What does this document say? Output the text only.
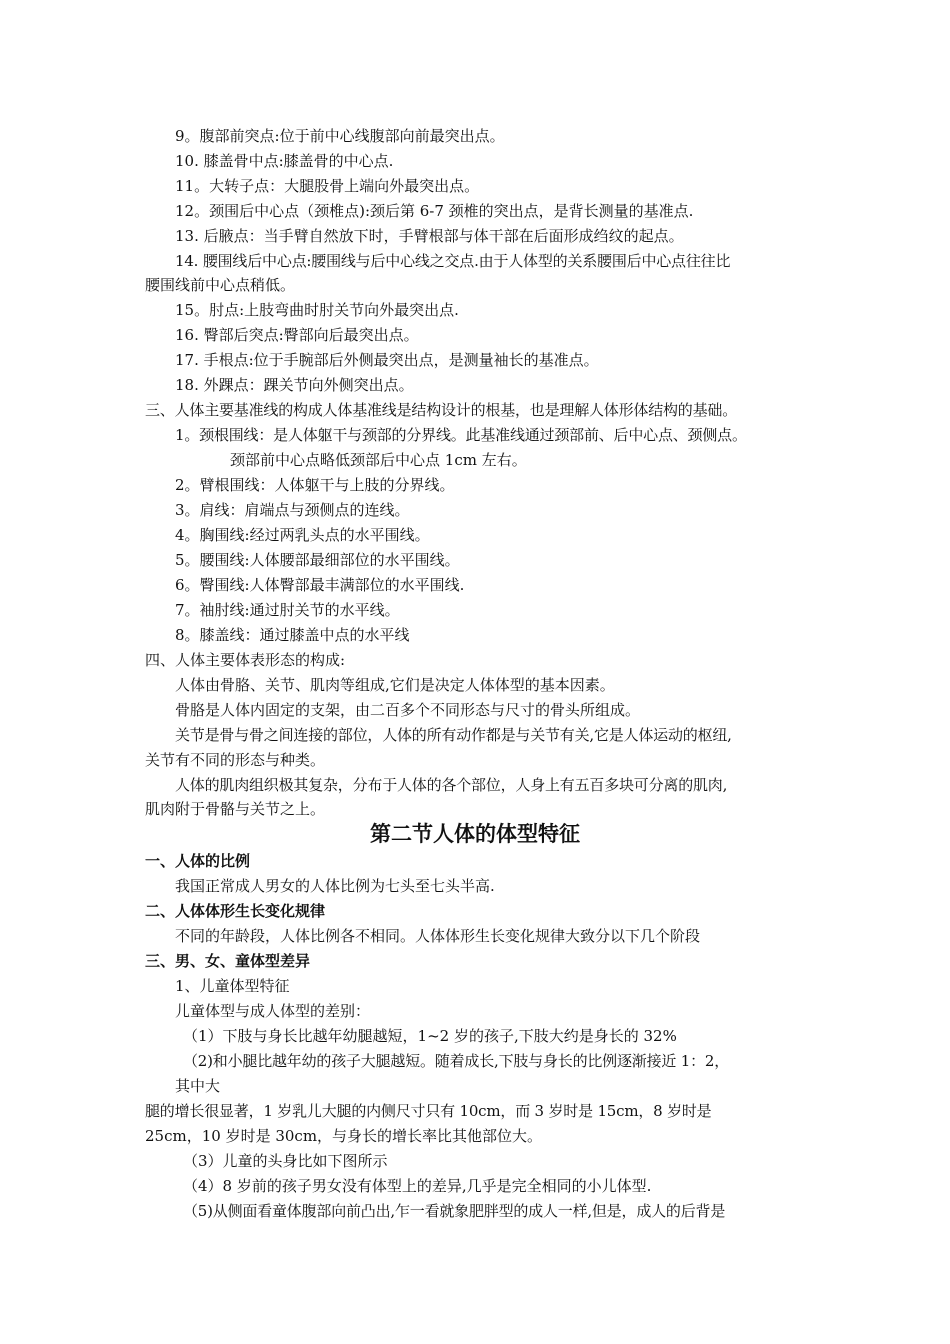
9。腹部前突点:位于前中心线腹部向前最突出点。
10. 膝盖骨中点:膝盖骨的中心点.
11。大转子点：大腿股骨上端向外最突出点。
12。颈围后中心点（颈椎点):颈后第 6-7 颈椎的突出点，是背长测量的基准点.
13. 后腋点：当手臂自然放下时，手臂根部与体干部在后面形成绉纹的起点。
14. 腰围线后中心点:腰围线与后中心线之交点.由于人体型的关系腰围后中心点往往比
腰围线前中心点稍低。
15。肘点:上肢弯曲时肘关节向外最突出点.
16. 臀部后突点:臀部向后最突出点。
17. 手根点:位于手腕部后外侧最突出点，是测量袖长的基准点。
18. 外踝点：踝关节向外侧突出点。
三、人体主要基准线的构成人体基准线是结构设计的根基，也是理解人体形体结构的基础。
1。颈根围线：是人体躯干与颈部的分界线。此基准线通过颈部前、后中心点、颈侧点。
颈部前中心点略低颈部后中心点 1cm 左右。
2。臂根围线：人体躯干与上肢的分界线。
3。肩线：肩端点与颈侧点的连线。
4。胸围线:经过两乳头点的水平围线。
5。腰围线:人体腰部最细部位的水平围线。
6。臀围线:人体臀部最丰满部位的水平围线.
7。袖肘线:通过肘关节的水平线。
8。膝盖线：通过膝盖中点的水平线
四、人体主要体表形态的构成:
人体由骨胳、关节、肌肉等组成,它们是决定人体体型的基本因素。
骨胳是人体内固定的支架，由二百多个不同形态与尺寸的骨头所组成。
关节是骨与骨之间连接的部位，人体的所有动作都是与关节有关,它是人体运动的枢纽,
关节有不同的形态与种类。
人体的肌肉组织极其复杂，分布于人体的各个部位，人身上有五百多块可分离的肌肉,
肌肉附于骨骼与关节之上。
第二节人体的体型特征
一、人体的比例
我国正常成人男女的人体比例为七头至七头半高.
二、人体体形生长变化规律
不同的年龄段，人体比例各不相同。人体体形生长变化规律大致分以下几个阶段
三、男、女、童体型差异
1、儿童体型特征
儿童体型与成人体型的差别：
（1）下肢与身长比越年幼腿越短，1~2 岁的孩子,下肢大约是身长的 32%
（2)和小腿比越年幼的孩子大腿越短。随着成长,下肢与身长的比例逐渐接近 1：2，
其中大
腿的增长很显著，1 岁乳儿大腿的内侧尺寸只有 10cm，而 3 岁时是 15cm，8 岁时是
25cm，10 岁时是 30cm，与身长的增长率比其他部位大。
（3）儿童的头身比如下图所示
（4）8 岁前的孩子男女没有体型上的差异,几乎是完全相同的小儿体型.
（5)从侧面看童体腹部向前凸出,乍一看就象肥胖型的成人一样,但是，成人的后背是
